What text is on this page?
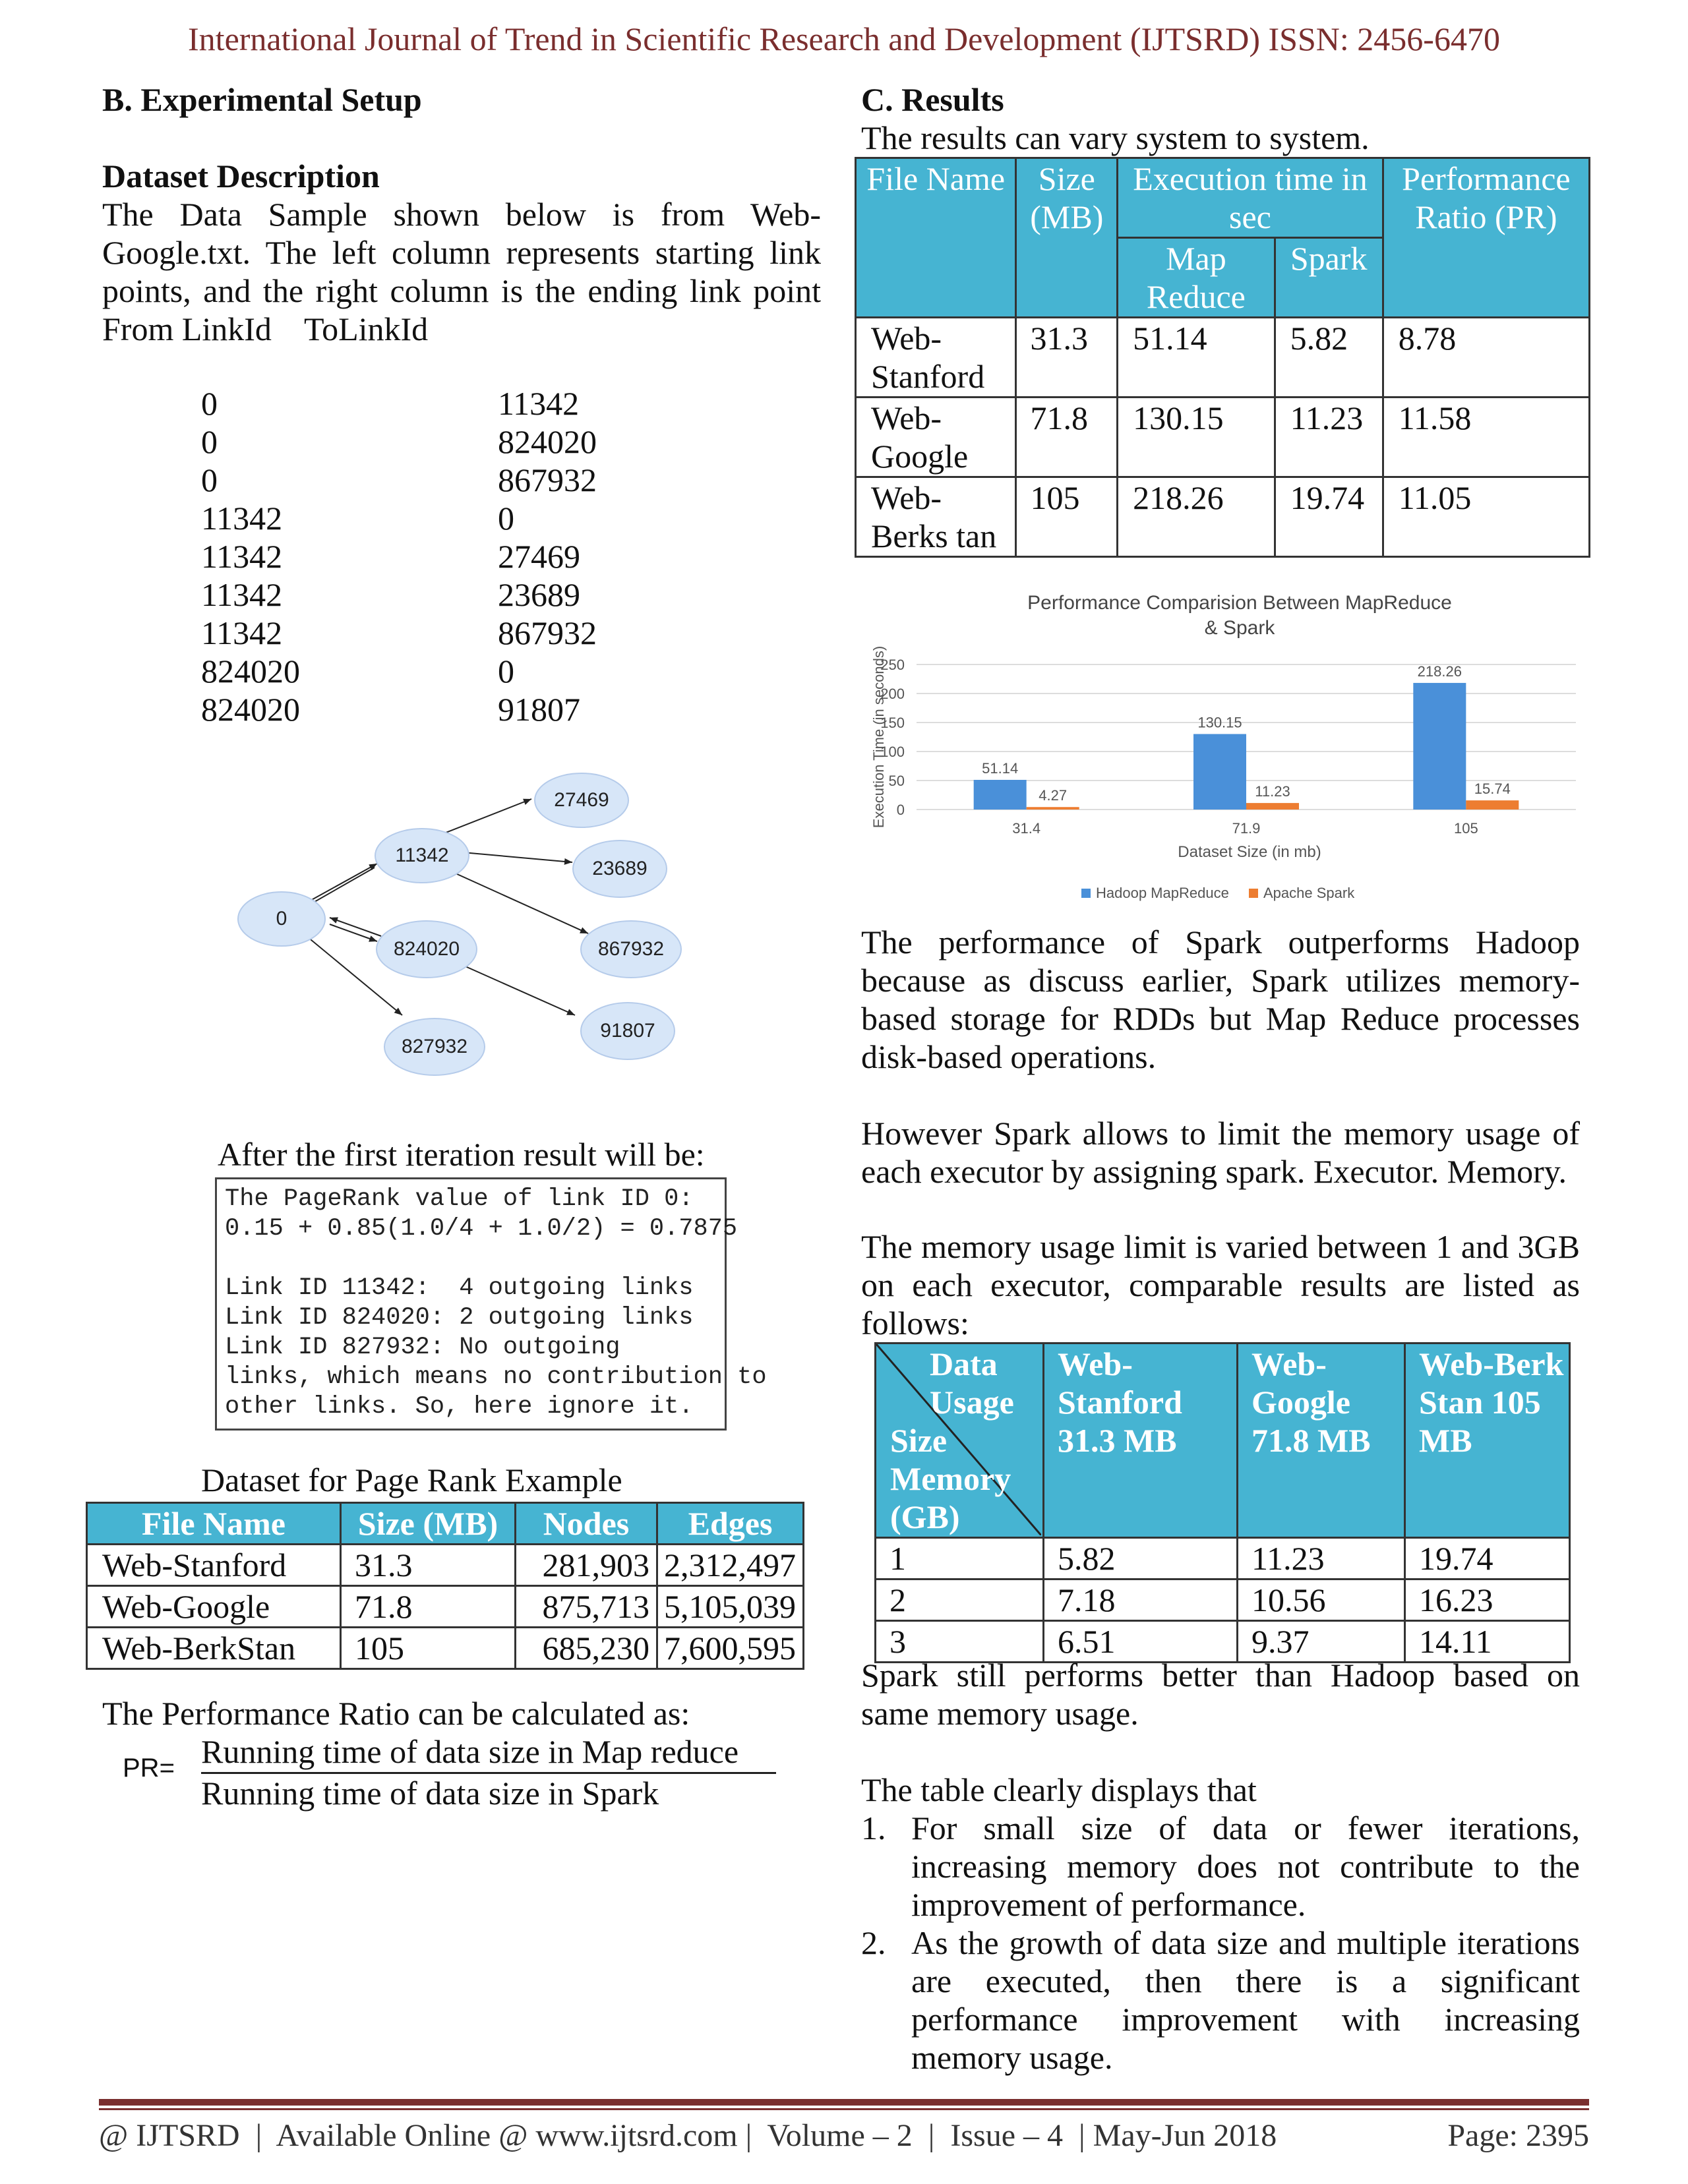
International Journal of Trend in Scientific Research and Development (IJTSRD) ISSN: 2456-6470
B. Experimental Setup
Dataset Description
The Data Sample shown below is from Web-
Google.txt. The left column represents starting link
points, and the right column is the ending link point
From LinkId    ToLinkId
0	11342
0	824020
0	867932
11342	0
11342	27469
11342	23689
11342	867932
824020	0
824020	91807
0
11342
824020
827932
27469
23689
867932
91807
After the first iteration result will be:
The PageRank value of link ID 0:
0.15 + 0.85(1.0/4 + 1.0/2) = 0.7875

Link ID 11342:  4 outgoing links
Link ID 824020: 2 outgoing links
Link ID 827932: No outgoing
links, which means no contribution to
other links. So, here ignore it.
Dataset for Page Rank Example
File Name	Size (MB)	Nodes	Edges
Web-Stanford	31.3	281,903	2,312,497
Web-Google	71.8	875,713	5,105,039
Web-BerkStan	105	685,230	7,600,595
The Performance Ratio can be calculated as:
PR= Running time of data size in Map reduce
Running time of data size in Spark
C. Results
The results can vary system to system.
File Name	Size (MB)	Execution time in sec		Performance Ratio (PR)
		Map Reduce	Spark	
Web-Stanford	31.3	51.14	5.82	8.78
Web-Google	71.8	130.15	11.23	11.58
Web-Berks tan	105	218.26	19.74	11.05
Performance Comparision Between MapReduce
& Spark
0
50
100
150
200
250
Execution Time (in seconds)	51.14
4.27
31.4
130.15
11.23
71.9
218.26
15.74
105
Dataset Size (in mb)
Hadoop MapReduce Apache Spark
The performance of Spark outperforms Hadoop
because as discuss earlier, Spark utilizes memory-
based storage for RDDs but Map Reduce processes
disk-based operations.
However Spark allows to limit the memory usage of
each executor by assigning spark. Executor. Memory.
The memory usage limit is varied between 1 and 3GB
on each executor, comparable results are listed as
follows:
Data Usage
Size Memory (GB)	Web-Stanford 31.3 MB	Web-Google 71.8 MB	Web-Berk Stan 105 MB
1	5.82	11.23	19.74
2	7.18	10.56	16.23
3	6.51	9.37	14.11
Spark still performs better than Hadoop based on
same memory usage.
The table clearly displays that
1. For small size of data or fewer iterations,
increasing memory does not contribute to the
improvement of performance.
2. As the growth of data size and multiple iterations
are executed, then there is a significant
performance improvement with increasing
memory usage.
@ IJTSRD  |  Available Online @ www.ijtsrd.com |  Volume – 2  |  Issue – 4  | May-Jun 2018	Page: 2395
